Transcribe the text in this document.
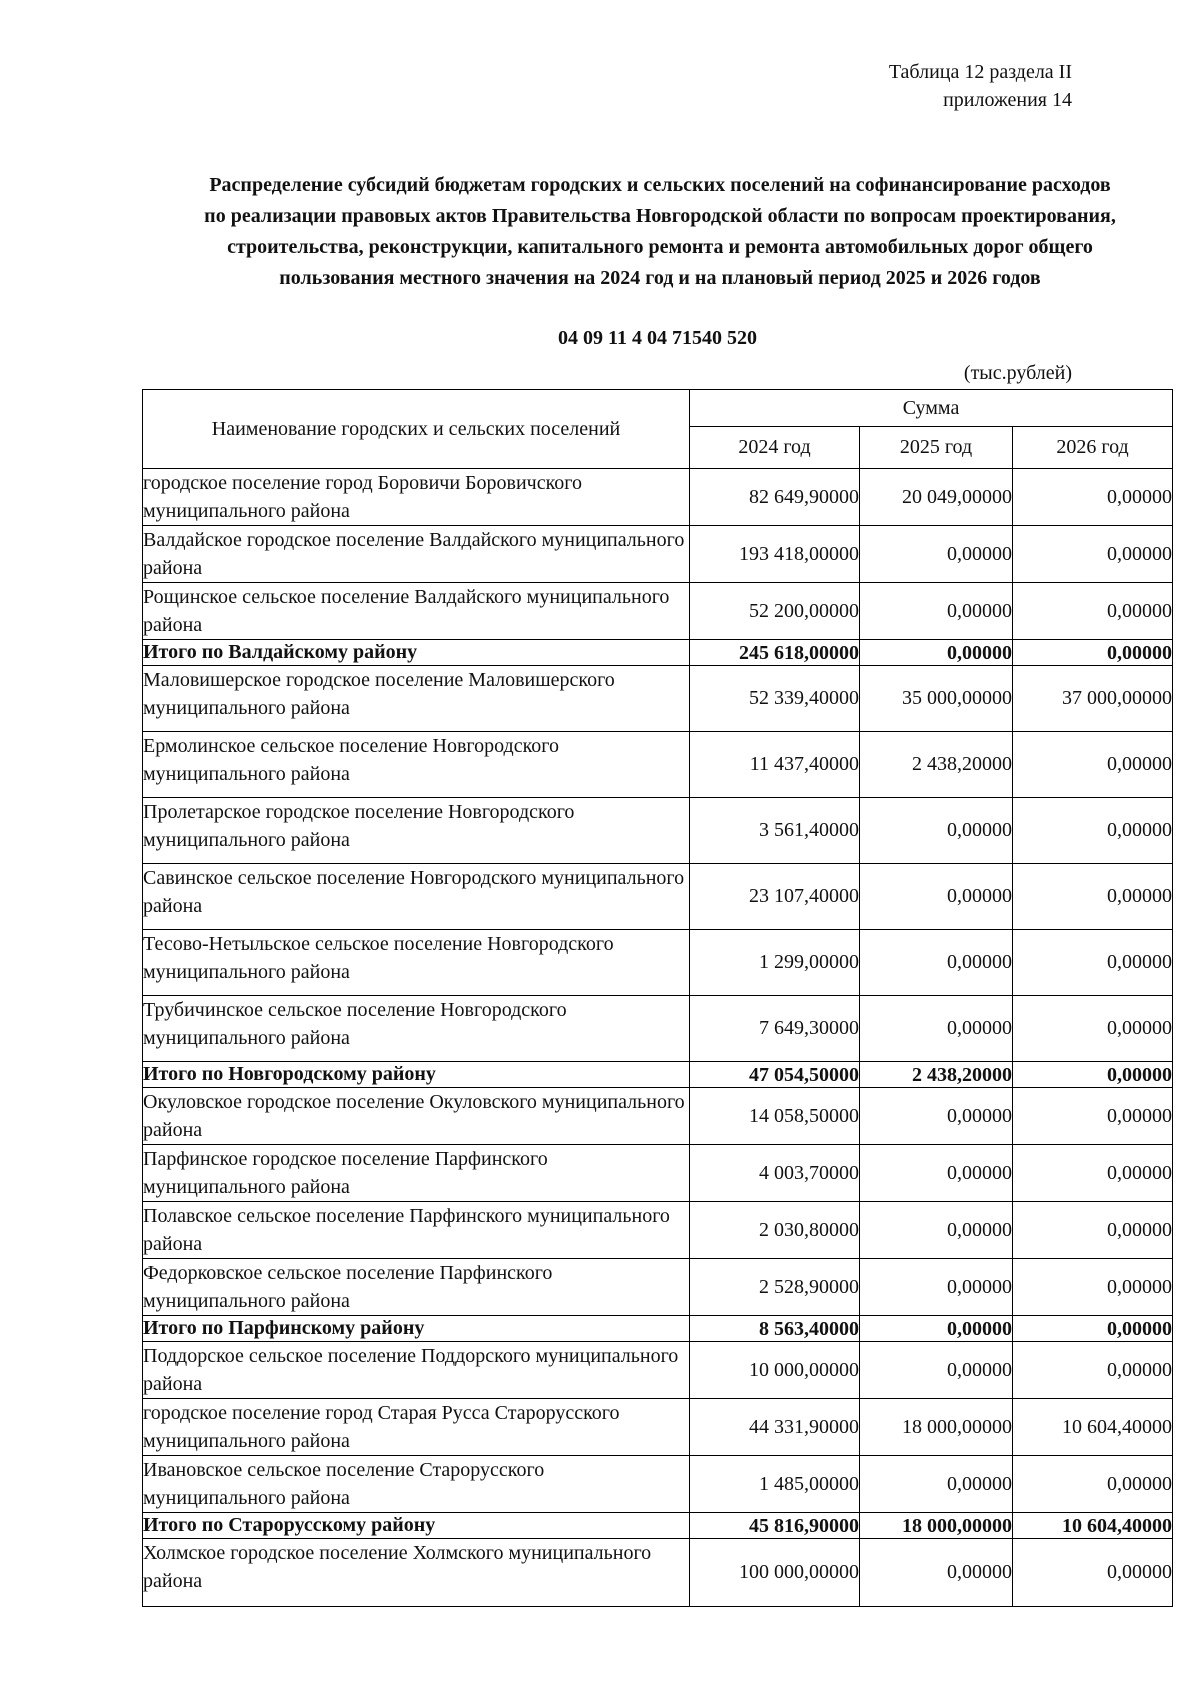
Таблица 12 раздела II
приложения 14
Распределение субсидий бюджетам городских и сельских поселений на софинансирование расходов
по реализации правовых актов Правительства Новгородской области по вопросам проектирования,
строительства, реконструкции, капитального ремонта и ремонта автомобильных дорог общего
пользования местного значения на 2024 год и на плановый период 2025 и 2026 годов
04 09 11 4 04 71540 520
(тыс.рублей)
Наименование городских и сельских поселений	Сумма		
	2024 год	2025 год	2026 год
городское поселение город Боровичи Боровичского муниципального района	82 649,90000	20 049,00000	0,00000
Валдайское городское поселение Валдайского муниципального района	193 418,00000	0,00000	0,00000
Рощинское сельское поселение Валдайского муниципального района	52 200,00000	0,00000	0,00000
Итого по Валдайскому району	245 618,00000	0,00000	0,00000
Маловишерское городское поселение Маловишерского муниципального района	52 339,40000	35 000,00000	37 000,00000
Ермолинское сельское поселение Новгородского муниципального района	11 437,40000	2 438,20000	0,00000
Пролетарское городское поселение Новгородского муниципального района	3 561,40000	0,00000	0,00000
Савинское сельское поселение Новгородского муниципального района	23 107,40000	0,00000	0,00000
Тесово-Нетыльское сельское поселение Новгородского муниципального района	1 299,00000	0,00000	0,00000
Трубичинское сельское поселение Новгородского муниципального района	7 649,30000	0,00000	0,00000
Итого по Новгородскому району	47 054,50000	2 438,20000	0,00000
Окуловское городское поселение Окуловского муниципального района	14 058,50000	0,00000	0,00000
Парфинское городское поселение Парфинского муниципального района	4 003,70000	0,00000	0,00000
Полавское сельское поселение Парфинского муниципального района	2 030,80000	0,00000	0,00000
Федорковское сельское поселение Парфинского муниципального района	2 528,90000	0,00000	0,00000
Итого по Парфинскому району	8 563,40000	0,00000	0,00000
Поддорское сельское поселение Поддорского муниципального района	10 000,00000	0,00000	0,00000
городское поселение город Старая Русса Старорусского муниципального района	44 331,90000	18 000,00000	10 604,40000
Ивановское сельское поселение Старорусского муниципального района	1 485,00000	0,00000	0,00000
Итого по Старорусскому району	45 816,90000	18 000,00000	10 604,40000
Холмское городское поселение Холмского муниципального района	100 000,00000	0,00000	0,00000
